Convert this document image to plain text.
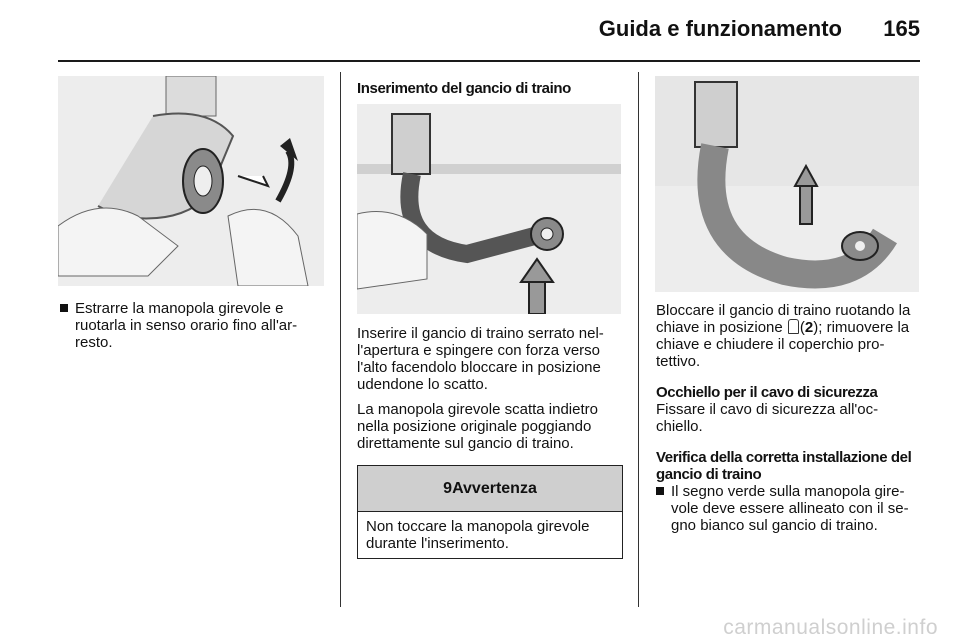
Guida e funzionamento 165
Estrarre la manopola girevole e ruotarla in senso orario fino all'ar-resto.
Inserimento del gancio di traino

Inserire il gancio di traino serrato nel-l'apertura e spingere con forza verso l'alto facendolo bloccare in posizione udendone lo scatto.

La manopola girevole scatta indietro nella posizione originale poggiando direttamente sul gancio di traino.

9Avvertenza
Non toccare la manopola girevole durante l'inserimento.

Bloccare il gancio di traino ruotando la chiave in posizione (2); rimuovere la chiave e chiudere il coperchio pro-tettivo.

Occhiello per il cavo di sicurezza

Fissare il cavo di sicurezza all'oc-chiello.

Verifica della corretta installazione del gancio di traino

Il segno verde sulla manopola gire-vole deve essere allineato con il se-gno bianco sul gancio di traino.
carmanualsonline.info
